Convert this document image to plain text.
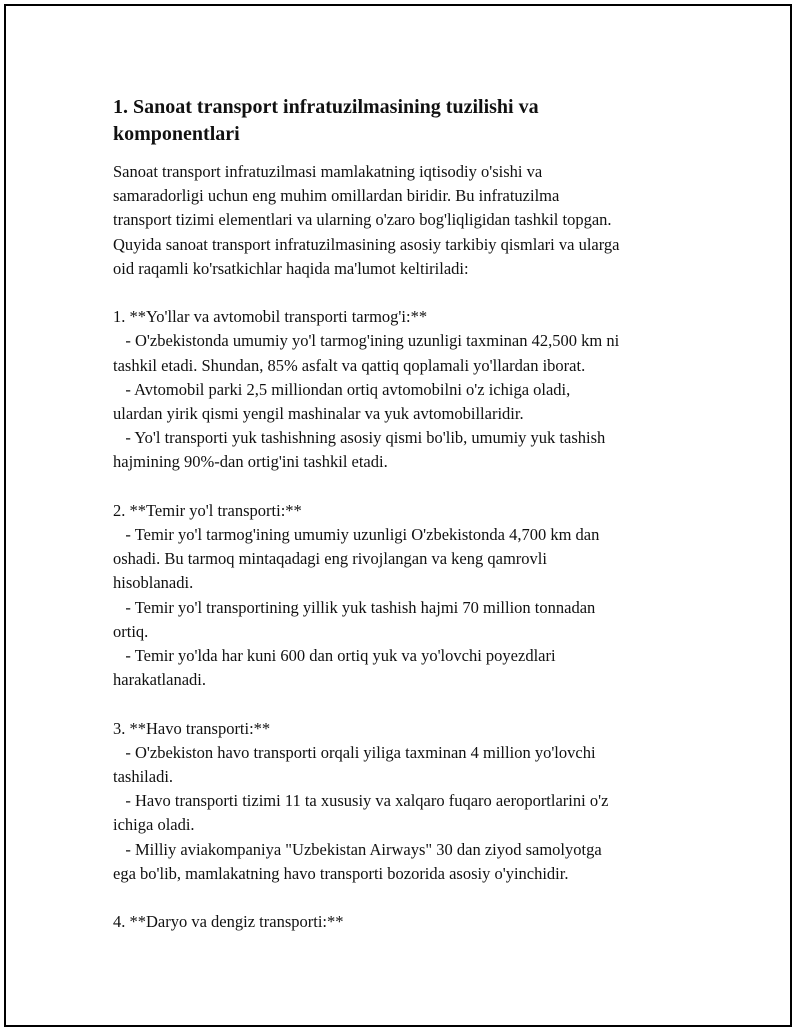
1. Sanoat transport infratuzilmasining tuzilishi va
komponentlari

Sanoat transport infratuzilmasi mamlakatning iqtisodiy o'sishi va
samaradorligi uchun eng muhim omillardan biridir. Bu infratuzilma
transport tizimi elementlari va ularning o'zaro bog'liqligidan tashkil topgan.
Quyida sanoat transport infratuzilmasining asosiy tarkibiy qismlari va ularga
oid raqamli ko'rsatkichlar haqida ma'lumot keltiriladi:

1. **Yo'llar va avtomobil transporti tarmog'i:**

- O'zbekistonda umumiy yo'l tarmog'ining uzunligi taxminan 42,500 km ni
tashkil etadi. Shundan, 85% asfalt va qattiq qoplamali yo'llardan iborat.

- Avtomobil parki 2,5 milliondan ortiq avtomobilni o'z ichiga oladi,
ulardan yirik qismi yengil mashinalar va yuk avtomobillaridir.

- Yo'l transporti yuk tashishning asosiy qismi bo'lib, umumiy yuk tashish
hajmining 90%-dan ortig'ini tashkil etadi.

2. **Temir yo'l transporti:**

- Temir yo'l tarmog'ining umumiy uzunligi O'zbekistonda 4,700 km dan
oshadi. Bu tarmoq mintaqadagi eng rivojlangan va keng qamrovli
hisoblanadi.

- Temir yo'l transportining yillik yuk tashish hajmi 70 million tonnadan
ortiq.

- Temir yo'lda har kuni 600 dan ortiq yuk va yo'lovchi poyezdlari
harakatlanadi.

3. **Havo transporti:**

- O'zbekiston havo transporti orqali yiliga taxminan 4 million yo'lovchi
tashiladi.

- Havo transporti tizimi 11 ta xususiy va xalqaro fuqaro aeroportlarini o'z
ichiga oladi.

- Milliy aviakompaniya "Uzbekistan Airways" 30 dan ziyod samolyotga
ega bo'lib, mamlakatning havo transporti bozorida asosiy o'yinchidir.

4. **Daryo va dengiz transporti:**
